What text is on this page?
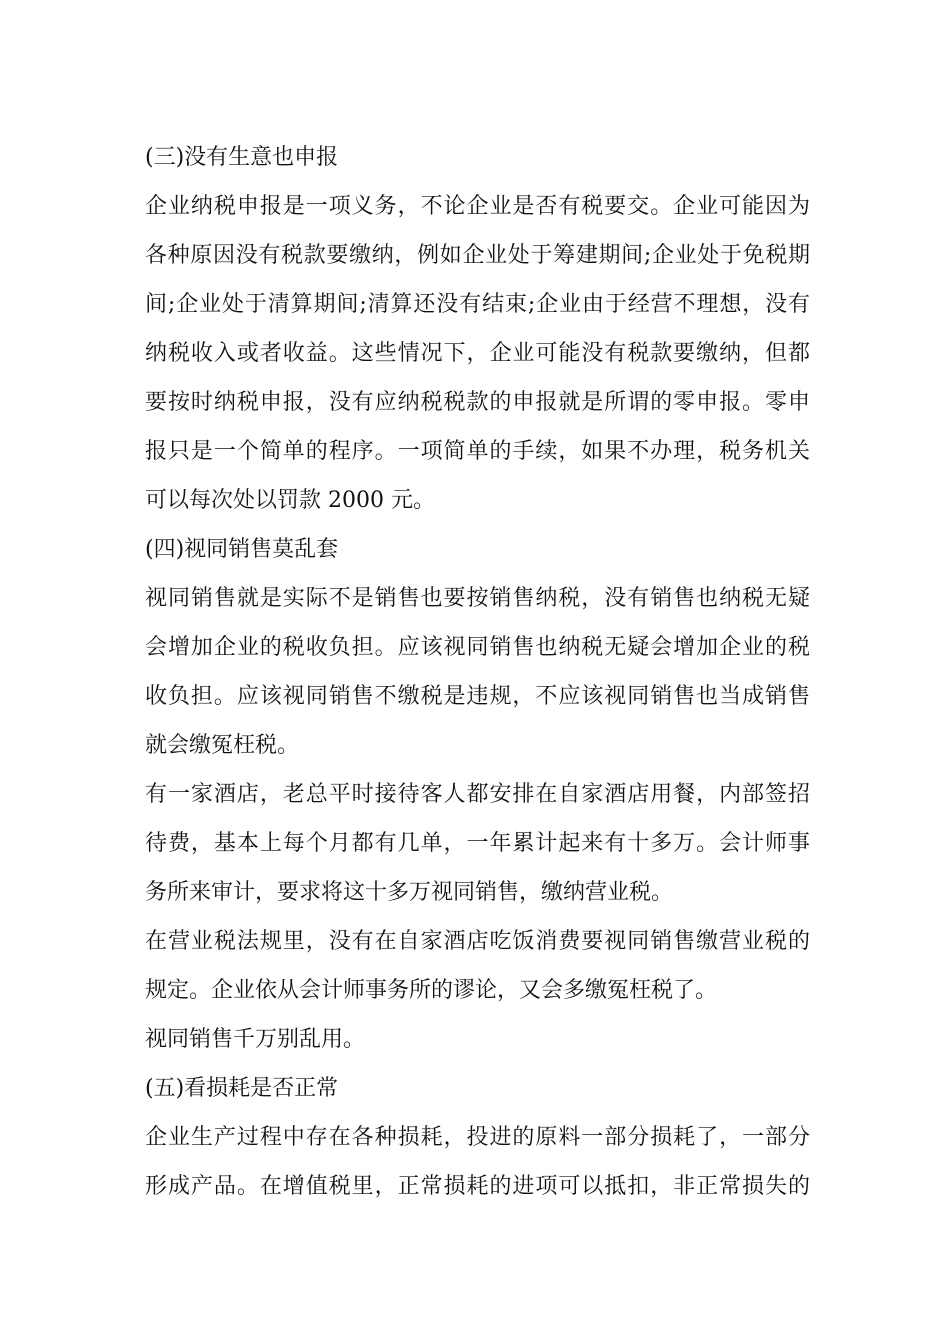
(三)没有生意也申报
企业纳税申报是一项义务，不论企业是否有税要交。企业可能因为
各种原因没有税款要缴纳，例如企业处于筹建期间;企业处于免税期
间;企业处于清算期间;清算还没有结束;企业由于经营不理想，没有
纳税收入或者收益。这些情况下，企业可能没有税款要缴纳，但都
要按时纳税申报，没有应纳税税款的申报就是所谓的零申报。零申
报只是一个简单的程序。一项简单的手续，如果不办理，税务机关
可以每次处以罚款 2000 元。
(四)视同销售莫乱套
视同销售就是实际不是销售也要按销售纳税，没有销售也纳税无疑
会增加企业的税收负担。应该视同销售也纳税无疑会增加企业的税
收负担。应该视同销售不缴税是违规，不应该视同销售也当成销售
就会缴冤枉税。
有一家酒店，老总平时接待客人都安排在自家酒店用餐，内部签招
待费，基本上每个月都有几单，一年累计起来有十多万。会计师事
务所来审计，要求将这十多万视同销售，缴纳营业税。
在营业税法规里，没有在自家酒店吃饭消费要视同销售缴营业税的
规定。企业依从会计师事务所的谬论，又会多缴冤枉税了。
视同销售千万别乱用。
(五)看损耗是否正常
企业生产过程中存在各种损耗，投进的原料一部分损耗了，一部分
形成产品。在增值税里，正常损耗的进项可以抵扣，非正常损失的
